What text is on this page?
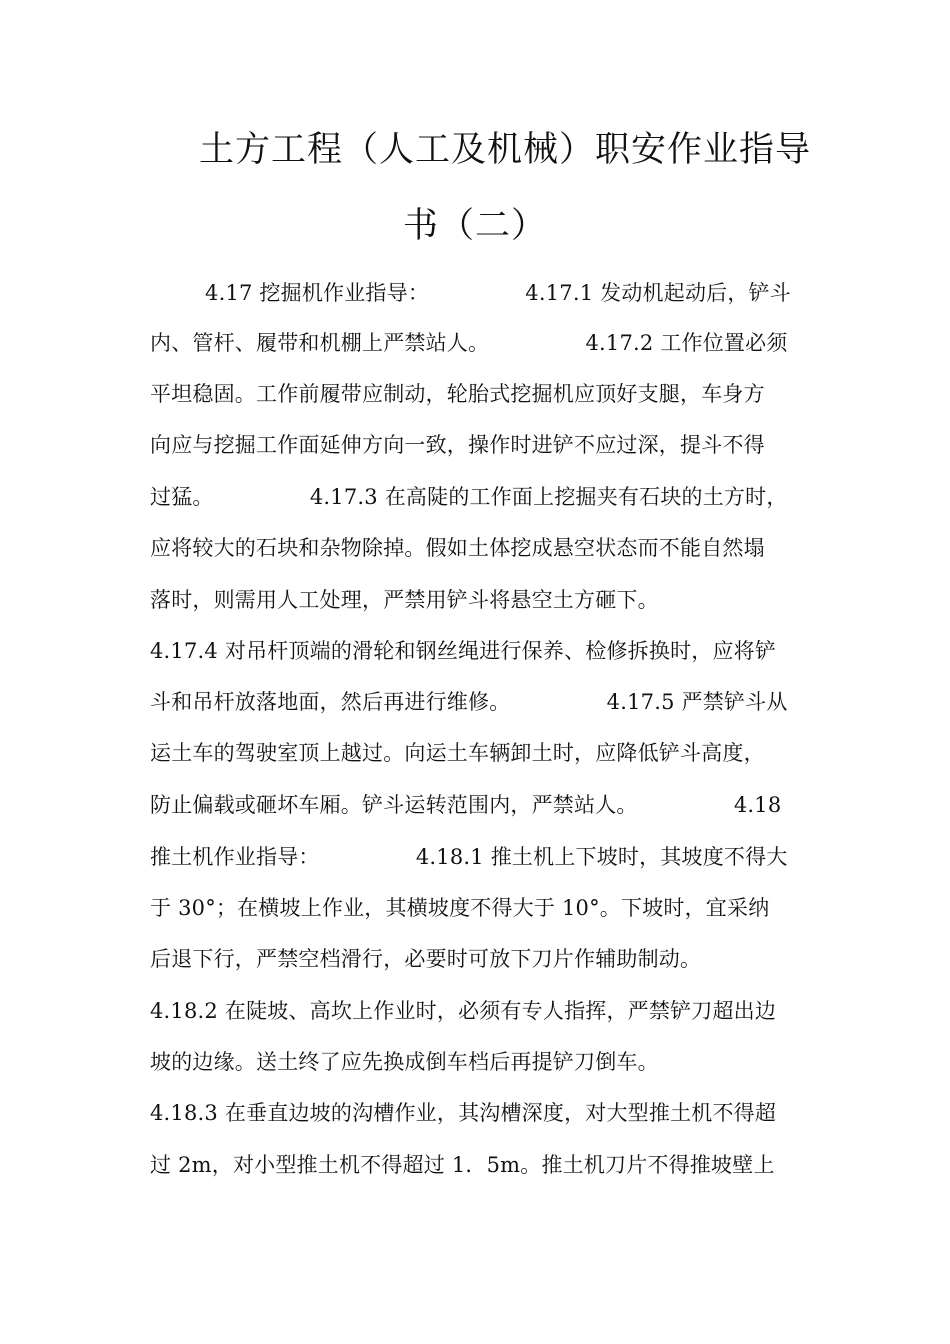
土方工程（人工及机械）职安作业指导
书（二）
4.17 挖掘机作业指导：              4.17.1 发动机起动后，铲斗
内、管杆、履带和机棚上严禁站人。              4.17.2 工作位置必须
平坦稳固。工作前履带应制动，轮胎式挖掘机应顶好支腿，车身方
向应与挖掘工作面延伸方向一致，操作时进铲不应过深，提斗不得
过猛。              4.17.3 在高陡的工作面上挖掘夹有石块的土方时，
应将较大的石块和杂物除掉。假如土体挖成悬空状态而不能自然塌
落时，则需用人工处理，严禁用铲斗将悬空土方砸下。
4.17.4 对吊杆顶端的滑轮和钢丝绳进行保养、检修拆换时，应将铲
斗和吊杆放落地面，然后再进行维修。              4.17.5 严禁铲斗从
运土车的驾驶室顶上越过。向运土车辆卸土时，应降低铲斗高度，
防止偏载或砸坏车厢。铲斗运转范围内，严禁站人。              4.18
推土机作业指导：              4.18.1 推土机上下坡时，其坡度不得大
于 30°；在横坡上作业，其横坡度不得大于 10°。下坡时，宜采纳
后退下行，严禁空档滑行，必要时可放下刀片作辅助制动。
4.18.2 在陡坡、高坎上作业时，必须有专人指挥，严禁铲刀超出边
坡的边缘。送土终了应先换成倒车档后再提铲刀倒车。
4.18.3 在垂直边坡的沟槽作业，其沟槽深度，对大型推土机不得超
过 2m，对小型推土机不得超过 1．5m。推土机刀片不得推坡壁上
